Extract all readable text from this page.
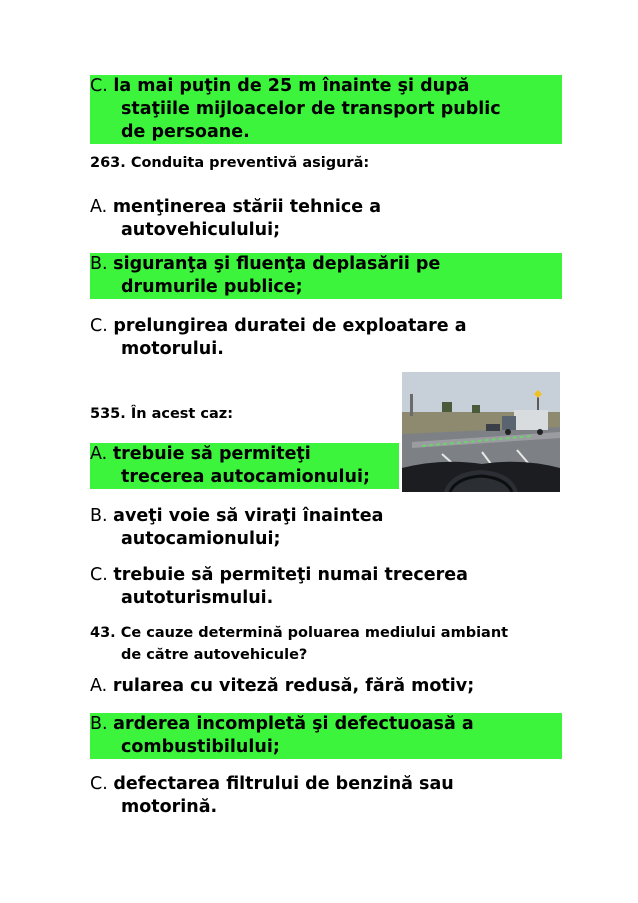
C. la mai puţin de 25 m înainte şi după
staţiile mijloacelor de transport public
de persoane.
263. Conduita preventivă asigură:
A. menţinerea stării tehnice a
autovehiculului;
B. siguranţa şi fluenţa deplasării pe
drumurile publice;
C. prelungirea duratei de exploatare a
motorului.
535. În acest caz:
A. trebuie să permiteţi
trecerea autocamionului;
B. aveţi voie să viraţi înaintea
autocamionului;
C. trebuie să permiteţi numai trecerea
autoturismului.
43. Ce cauze determină poluarea mediului ambiant
de către autovehicule?
A. rularea cu viteză redusă, fără motiv;
B. arderea incompletă şi defectuoasă a
combustibilului;
C. defectarea filtrului de benzină sau
motorină.
